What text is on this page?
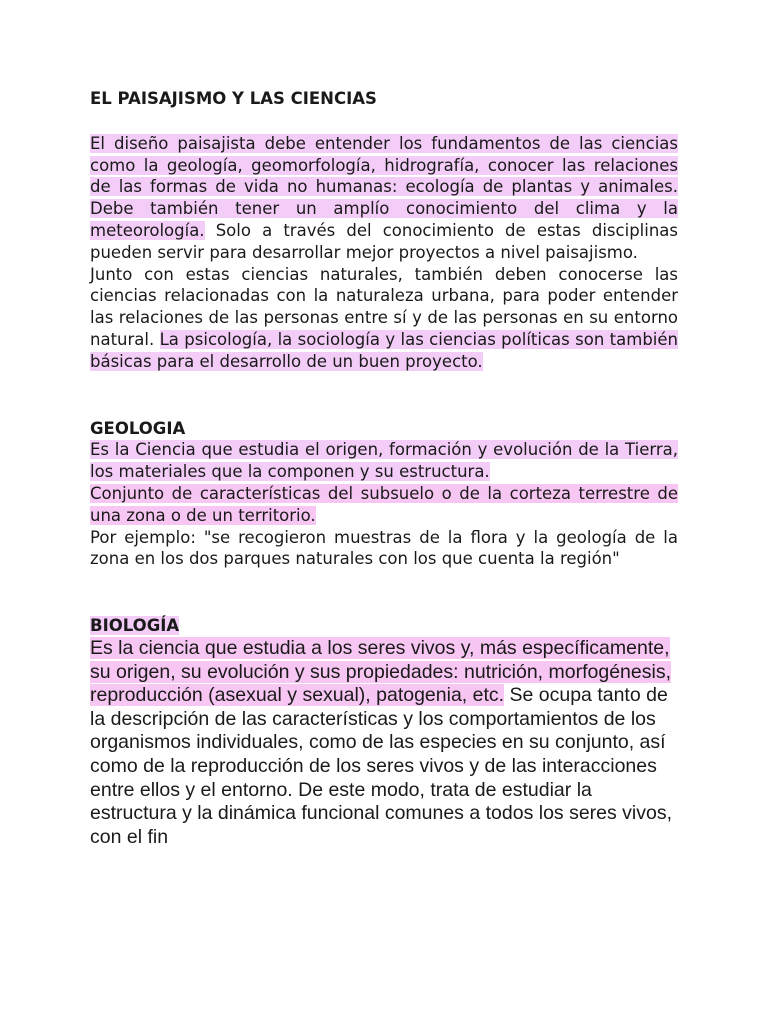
EL PAISAJISMO Y LAS CIENCIAS

El diseño paisajista debe entender los fundamentos de las ciencias como la geología, geomorfología, hidrografía, conocer las relaciones de las formas de vida no humanas: ecología de plantas y animales. Debe también tener un amplío conocimiento del clima y la meteorología. Solo a través del conocimiento de estas disciplinas pueden servir para desarrollar mejor proyectos a nivel paisajismo.

Junto con estas ciencias naturales, también deben conocerse las ciencias relacionadas con la naturaleza urbana, para poder entender las relaciones de las personas entre sí y de las personas en su entorno natural. La psicología, la sociología y las ciencias políticas son también básicas para el desarrollo de un buen proyecto.

GEOLOGIA

Es la Ciencia que estudia el origen, formación y evolución de la Tierra, los materiales que la componen y su estructura.

Conjunto de características del subsuelo o de la corteza terrestre de una zona o de un territorio.

Por ejemplo: "se recogieron muestras de la flora y la geología de la zona en los dos parques naturales con los que cuenta la región"

BIOLOGÍA

Es la ciencia que estudia a los seres vivos y, más específicamente, su origen, su evolución y sus propiedades: nutrición, morfogénesis, reproducción (asexual y sexual), patogenia, etc. Se ocupa tanto de la descripción de las características y los comportamientos de los organismos individuales, como de las especies en su conjunto, así como de la reproducción de los seres vivos y de las interacciones entre ellos y el entorno. De este modo, trata de estudiar la estructura y la dinámica funcional comunes a todos los seres vivos, con el fin
